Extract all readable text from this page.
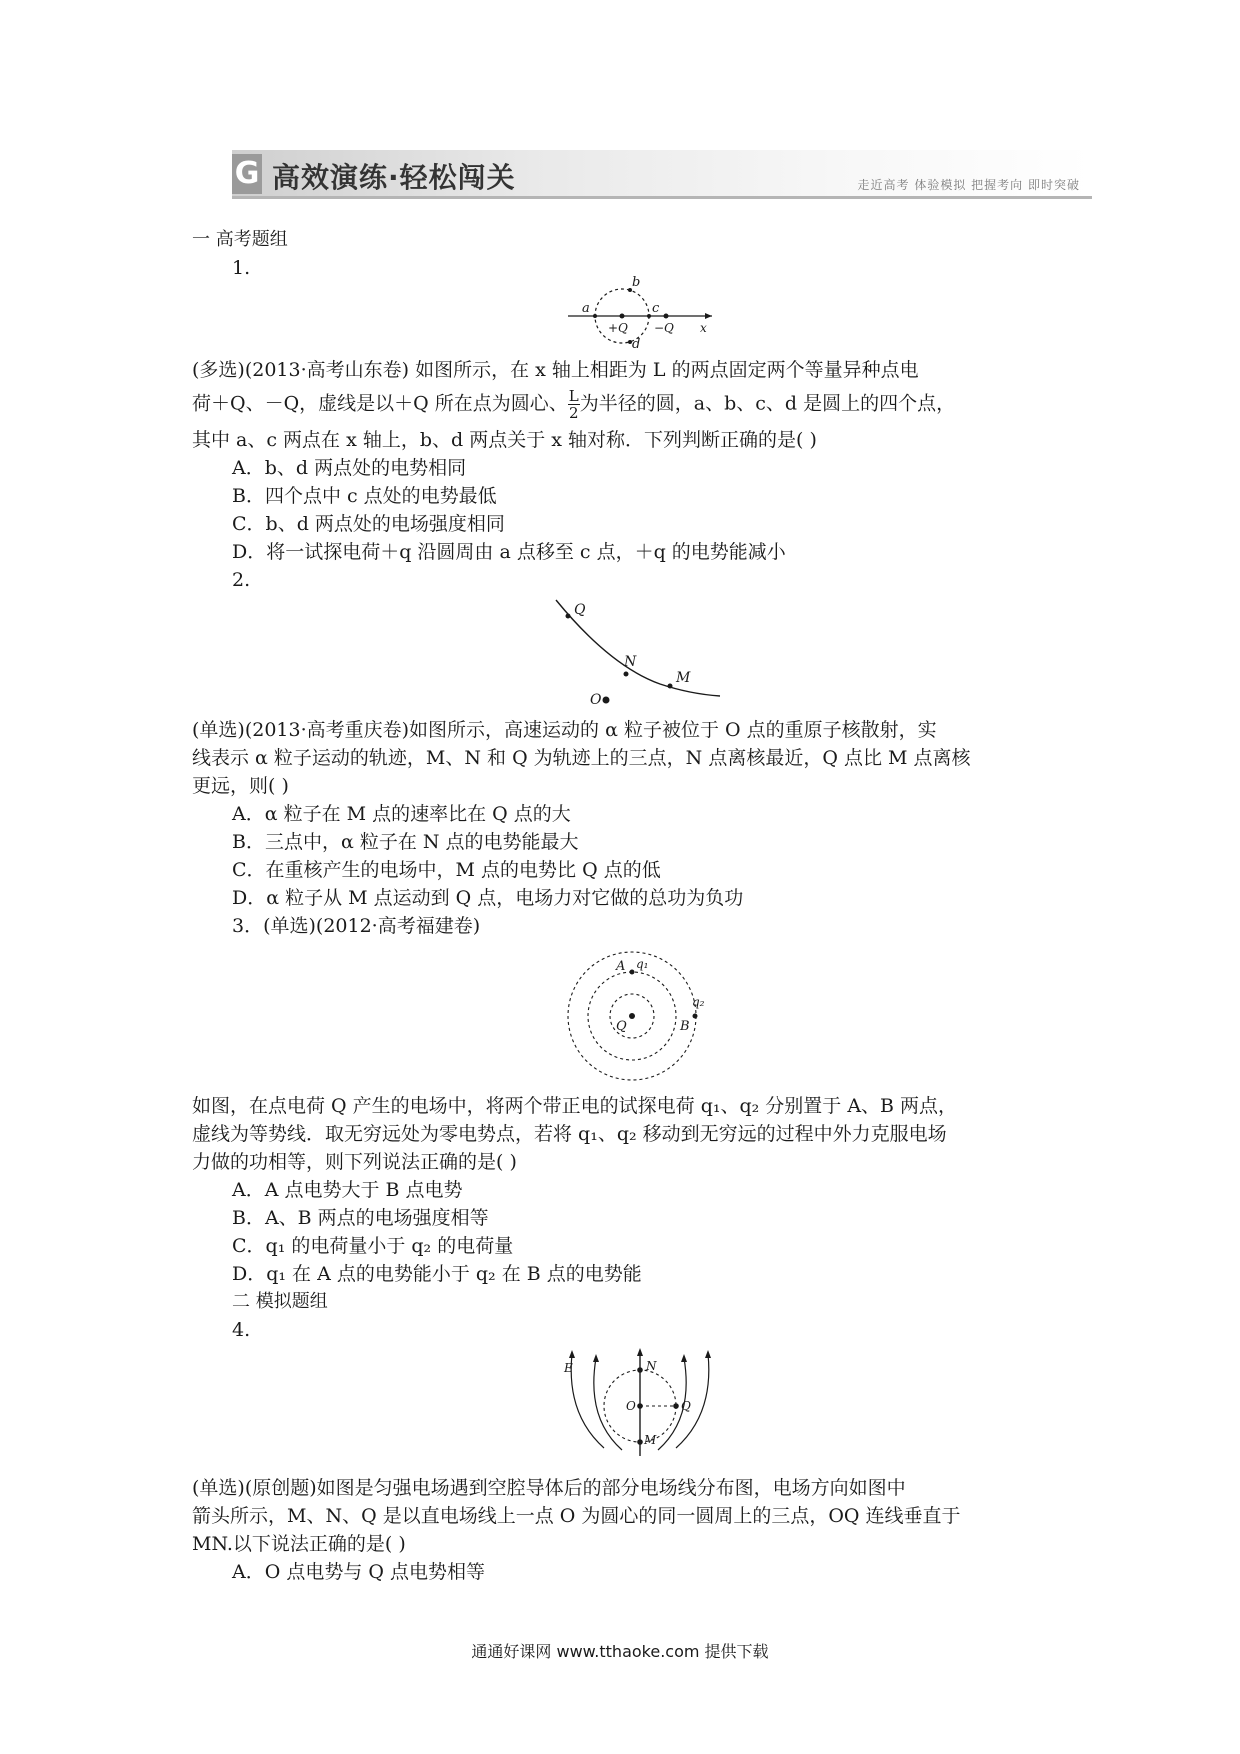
G 高效演练·轻松闯关	走近高考 体验模拟 把握考向 即时突破
一 高考题组
1.
a
b
c
d
+Q −Q x
(多选)(2013·高考山东卷) 如图所示，在 x 轴上相距为 L 的两点固定两个等量异种点电
荷＋Q、－Q，虚线是以＋Q 所在点为圆心、 $\frac{L}{2}$ 为半径的圆，a、b、c、d 是圆上的四个点，
其中 a、c 两点在 x 轴上，b、d 两点关于 x 轴对称．下列判断正确的是( )
A．b、d 两点处的电势相同
B．四个点中 c 点处的电势最低
C．b、d 两点处的电场强度相同
D．将一试探电荷＋q 沿圆周由 a 点移至 c 点，＋q 的电势能减小
2.
Q
N
M
O
(单选)(2013·高考重庆卷)如图所示，高速运动的 α 粒子被位于 O 点的重原子核散射，实
线表示 α 粒子运动的轨迹，M、N 和 Q 为轨迹上的三点，N 点离核最近，Q 点比 M 点离核
更远，则( )
A．α 粒子在 M 点的速率比在 Q 点的大
B．三点中，α 粒子在 N 点的电势能最大
C．在重核产生的电场中，M 点的电势比 Q 点的低
D．α 粒子从 M 点运动到 Q 点，电场力对它做的总功为负功
3．(单选)(2012·高考福建卷)
A q₁
Q	B
q₂
如图，在点电荷 Q 产生的电场中，将两个带正电的试探电荷 q₁、q₂ 分别置于 A、B 两点，
虚线为等势线．取无穷远处为零电势点，若将 q₁、q₂ 移动到无穷远的过程中外力克服电场
力做的功相等，则下列说法正确的是( )
A．A 点电势大于 B 点电势
B．A、B 两点的电场强度相等
C．q₁ 的电荷量小于 q₂ 的电荷量
D．q₁ 在 A 点的电势能小于 q₂ 在 B 点的电势能
二 模拟题组
4.
E	N
O	Q
M
(单选)(原创题)如图是匀强电场遇到空腔导体后的部分电场线分布图，电场方向如图中
箭头所示，M、N、Q 是以直电场线上一点 O 为圆心的同一圆周上的三点，OQ 连线垂直于
MN.以下说法正确的是( )
A．O 点电势与 Q 点电势相等
通通好课网 www.tthaoke.com 提供下载
